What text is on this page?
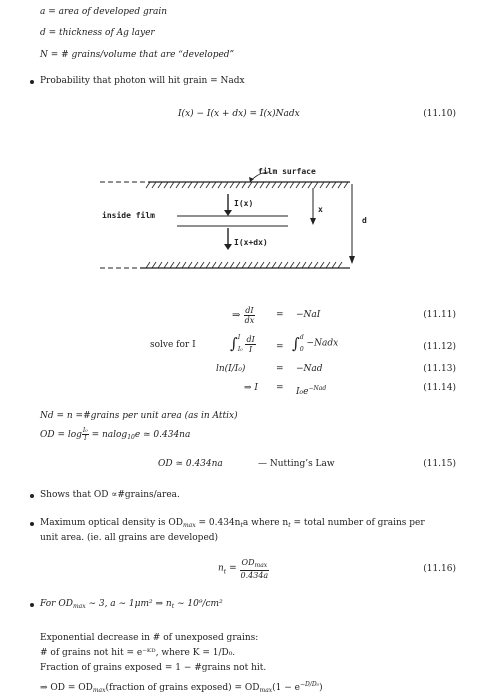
a = area of developed grain
d = thickness of Ag layer
N = # grains/volume that are “developed”
Probability that photon will hit grain = Nadx
I(x) − I(x + dx) = I(x)Nadx	(11.10)
film surface
inside film
I(x)
I(x+dx)
x
d
⇒ $\frac{dI}{dx} = -NaI$	(11.11)
solve for I ∫ I
I₀
$\frac{dI}{I}$ = ∫ d
0
−Nadx	(11.12)
ln(I/I₀)	= −Nad	(11.13)
⇒ $I = I_0e^{-Nad}$	(11.14)
Nd = n =#grains per unit area (as in Attix)
OD = $\log \frac{\text{I₀}}{I} = nalog_{10}e$ ≃ 0.434na
OD ≃ 0.434na	— Nutting’s Law	(11.15)
Shows that OD ∝#grains/area.
Maximum optical density is $OD_{max} = 0.434n_ta$ where $n_t$ = total number of grains per
unit area. (ie. all grains are developed)
$n_t = \frac{OD_{max}}{0.434a}$	(11.16)
For $OD_{max}$ ∼ 3, a ∼ 1μm² ⇒ $n_t$ ∼ 10⁹/cm²
Exponential decrease in # of unexposed grains:
# of grains not hit = e⁻ᴷᴰ, where K = 1/D₀.
Fraction of grains exposed = 1 − #grains not hit.
⇒ OD = $OD_{max}(fraction$ of grains exposed) = $OD_{max}(1 - e^{-D/D_0})$
